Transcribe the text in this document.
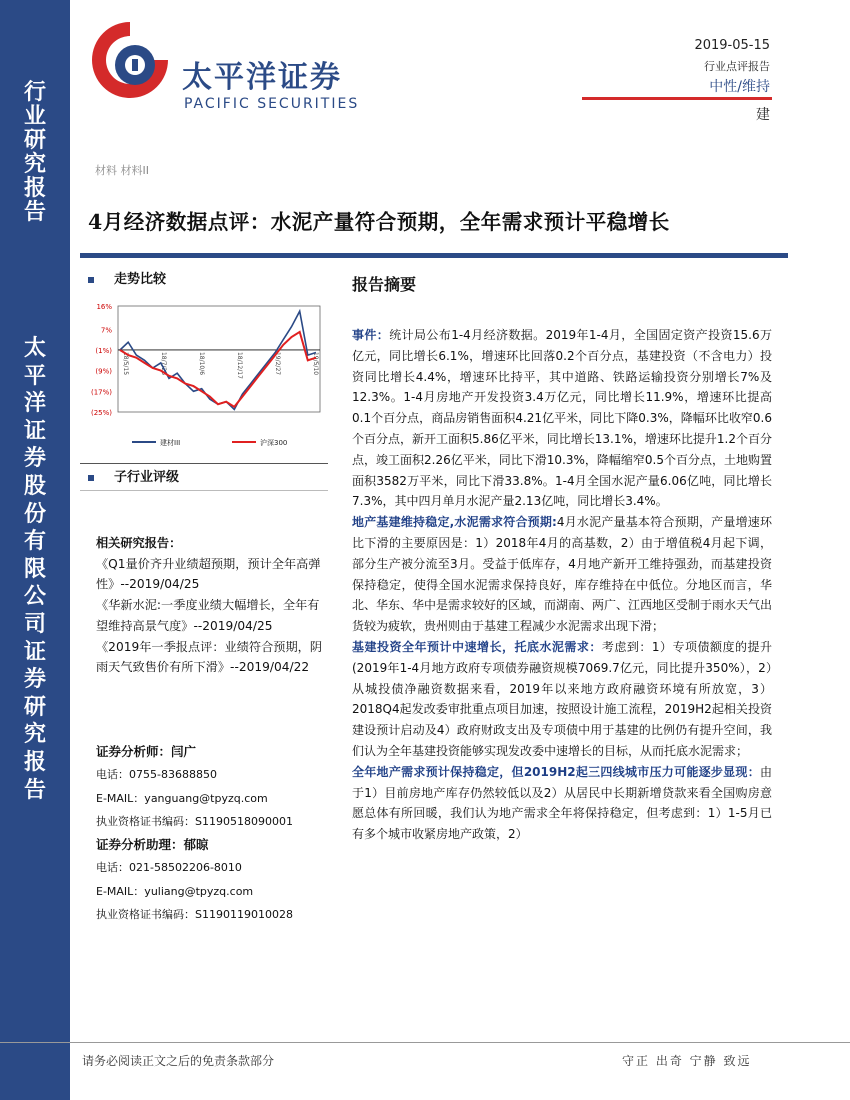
行
业
研
究
报
告
太
平
洋
证
券
股
份
有
限
公
司
证
券
研
究
报
告
太平洋证券
PACIFIC SECURITIES
2019-05-15
行业点评报告
中性/维持
建
材料 材料II
4月经济数据点评：水泥产量符合预期，全年需求预计平稳增长
走势比较
16%
7%
(1%)
(9%)
(17%)
(25%)
18/5/15	18/7/26	18/10/6	18/12/17	19/2/27	19/5/10
建材III	沪深300
子行业评级
相关研究报告：
《Q1量价齐升业绩超预期，预计全年高弹性》--2019/04/25
《华新水泥:一季度业绩大幅增长，全年有望维持高景气度》--2019/04/25
《2019年一季报点评：业绩符合预期，阴雨天气致售价有所下滑》--2019/04/22
证券分析师：闫广
电话：0755-83688850
E-MAIL：yanguang@tpyzq.com
执业资格证书编码：S1190518090001
证券分析助理：郁晾
电话：021-58502206-8010
E-MAIL：yuliang@tpyzq.com
执业资格证书编码：S1190119010028
报告摘要

事件：统计局公布1-4月经济数据。2019年1-4月，全国固定资产投资15.6万亿元，同比增长6.1%，增速环比回落0.2个百分点，基建投资（不含电力）投资同比增长4.4%，增速环比持平，其中道路、铁路运输投资分别增长7%及12.3%。1-4月房地产开发投资3.4万亿元，同比增长11.9%，增速环比提高0.1个百分点，商品房销售面积4.21亿平米，同比下降0.3%，降幅环比收窄0.6个百分点，新开工面积5.86亿平米，同比增长13.1%，增速环比提升1.2个百分点，竣工面积2.26亿平米，同比下滑10.3%，降幅缩窄0.5个百分点，土地购置面积3582万平米，同比下滑33.8%。1-4月全国水泥产量6.06亿吨，同比增长7.3%，其中四月单月水泥产量2.13亿吨，同比增长3.4%。

地产基建维持稳定,水泥需求符合预期:4月水泥产量基本符合预期，产量增速环比下滑的主要原因是：1）2018年4月的高基数，2）由于增值税4月起下调，部分生产被分流至3月。受益于低库存，4月地产新开工维持强劲，而基建投资保持稳定，使得全国水泥需求保持良好，库存维持在中低位。分地区而言，华北、华东、华中是需求较好的区域，而湖南、两广、江西地区受制于雨水天气出货较为疲软，贵州则由于基建工程减少水泥需求出现下滑；

基建投资全年预计中速增长，托底水泥需求：考虑到：1）专项债额度的提升(2019年1-4月地方政府专项债券融资规模7069.7亿元，同比提升350%），2）从城投债净融资数据来看，2019年以来地方政府融资环境有所放宽，3）2018Q4起发改委审批重点项目加速，按照设计施工流程，2019H2起相关投资建设预计启动及4）政府财政支出及专项债中用于基建的比例仍有提升空间，我们认为全年基建投资能够实现发改委中速增长的目标，从而托底水泥需求；

全年地产需求预计保持稳定，但2019H2起三四线城市压力可能逐步显现：由于1）目前房地产库存仍然较低以及2）从居民中长期新增贷款来看全国购房意愿总体有所回暖，我们认为地产需求全年将保持稳定，但考虑到：1）1-5月已有多个城市收紧房地产政策，2）

请务必阅读正文之后的免责条款部分	守正 出奇 宁静 致远
